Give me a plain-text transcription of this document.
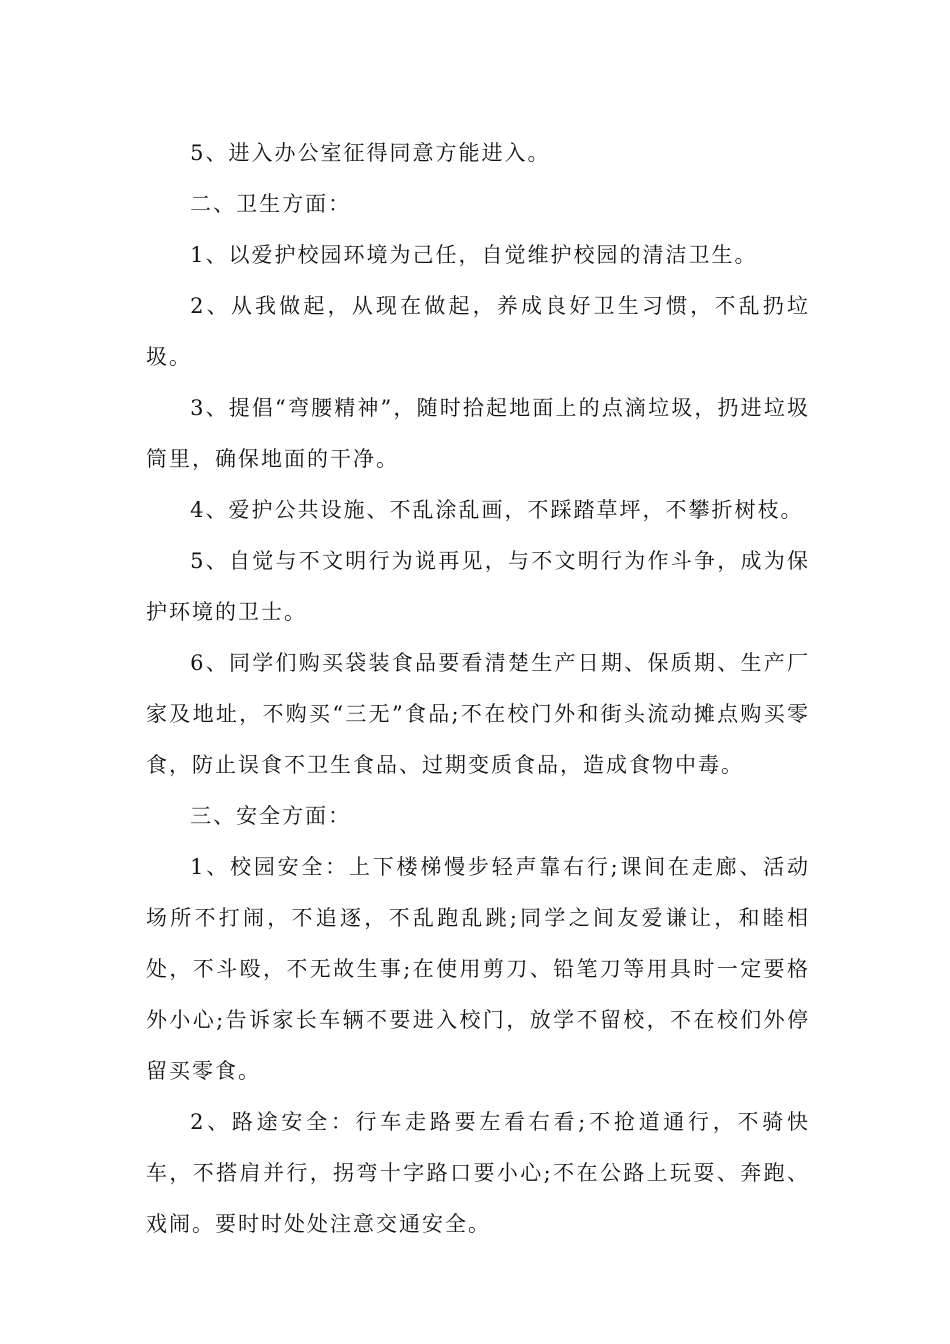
5、进入办公室征得同意方能进入。

二、卫生方面：

1、以爱护校园环境为己任，自觉维护校园的清洁卫生。

2、从我做起，从现在做起，养成良好卫生习惯，不乱扔垃圾。

3、提倡“弯腰精神”，随时拾起地面上的点滴垃圾，扔进垃圾筒里，确保地面的干净。

4、爱护公共设施、不乱涂乱画，不踩踏草坪，不攀折树枝。

5、自觉与不文明行为说再见，与不文明行为作斗争，成为保护环境的卫士。

6、同学们购买袋装食品要看清楚生产日期、保质期、生产厂家及地址，不购买“三无”食品;不在校门外和街头流动摊点购买零食，防止误食不卫生食品、过期变质食品，造成食物中毒。

三、安全方面：

1、校园安全：上下楼梯慢步轻声靠右行;课间在走廊、活动场所不打闹，不追逐，不乱跑乱跳;同学之间友爱谦让，和睦相处，不斗殴，不无故生事;在使用剪刀、铅笔刀等用具时一定要格外小心;告诉家长车辆不要进入校门，放学不留校，不在校们外停留买零食。

2、路途安全：行车走路要左看右看;不抢道通行，不骑快车，不搭肩并行，拐弯十字路口要小心;不在公路上玩耍、奔跑、戏闹。要时时处处注意交通安全。
